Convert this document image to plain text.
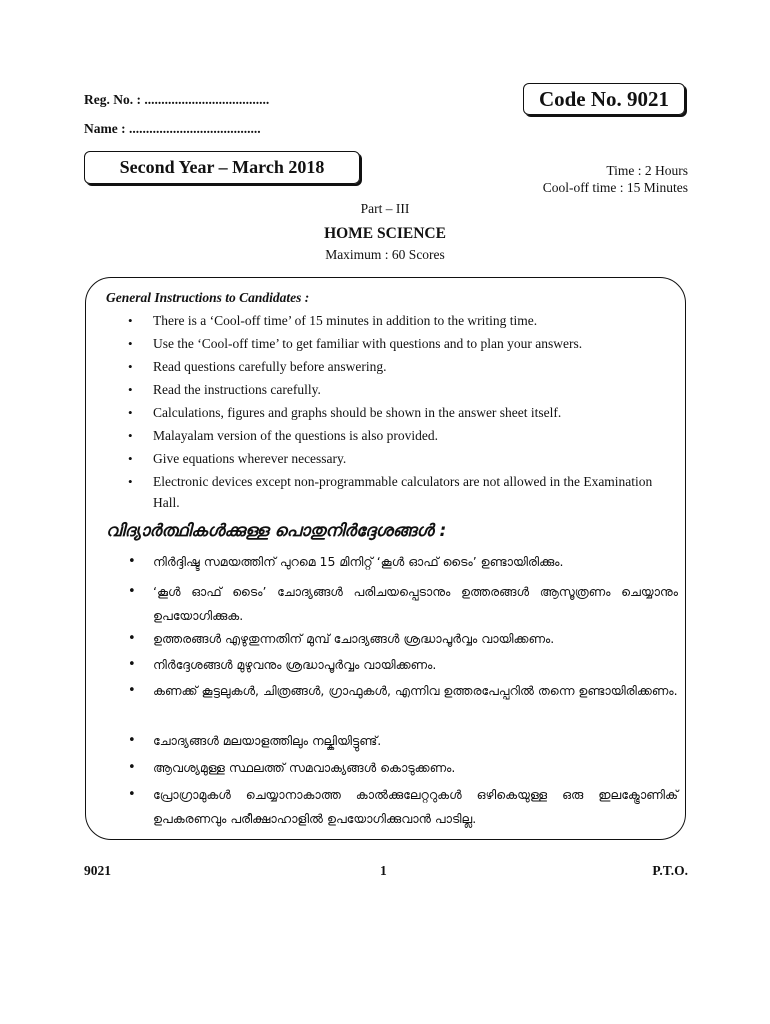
Reg. No. : .....................................
Name : .......................................
Code No. 9021
Second Year – March 2018	Time : 2 Hours
Cool-off time : 15 Minutes
Part – III
HOME SCIENCE
Maximum : 60 Scores
General Instructions to Candidates :
• There is a ‘Cool-off time’ of 15 minutes in addition to the writing time.
• Use the ‘Cool-off time’ to get familiar with questions and to plan your answers.
• Read questions carefully before answering.
• Read the instructions carefully.
• Calculations, figures and graphs should be shown in the answer sheet itself.
• Malayalam version of the questions is also provided.
• Give equations wherever necessary.
• Electronic devices except non-programmable calculators are not allowed in the Examination Hall.
വിദ്യാർത്ഥികൾക്കുള്ള പൊതുനിർദ്ദേശങ്ങൾ :
• നിർദ്ദിഷ്ട സമയത്തിന് പുറമെ 15 മിനിറ്റ് ‘കൂൾ ഓഫ് ടൈം’ ഉണ്ടായിരിക്കും.
• ‘കൂൾ ഓഫ് ടൈം’ ചോദ്യങ്ങൾ പരിചയപ്പെടാനും ഉത്തരങ്ങൾ ആസൂത്രണം ചെയ്യാനും ഉപയോഗിക്കുക.
• ഉത്തരങ്ങൾ എഴുതുന്നതിന് മുമ്പ് ചോദ്യങ്ങൾ ശ്രദ്ധാപൂർവ്വം വായിക്കണം.
• നിർദ്ദേശങ്ങൾ മുഴുവനും ശ്രദ്ധാപൂർവ്വം വായിക്കണം.
• കണക്ക് കൂട്ടലുകൾ, ചിത്രങ്ങൾ, ഗ്രാഫുകൾ, എന്നിവ ഉത്തരപേപ്പറിൽ തന്നെ ഉണ്ടായിരിക്കണം.
• ചോദ്യങ്ങൾ മലയാളത്തിലും നല്കിയിട്ടുണ്ട്.
• ആവശ്യമുള്ള സ്ഥലത്ത് സമവാക്യങ്ങൾ കൊടുക്കണം.
• പ്രോഗ്രാമുകൾ ചെയ്യാനാകാത്ത കാൽക്കുലേറ്ററുകൾ ഒഴികെയുള്ള ഒരു ഇലക്ട്രോണിക് ഉപകരണവും പരീക്ഷാഹാളിൽ ഉപയോഗിക്കുവാൻ പാടില്ല.
9021	1	P.T.O.
